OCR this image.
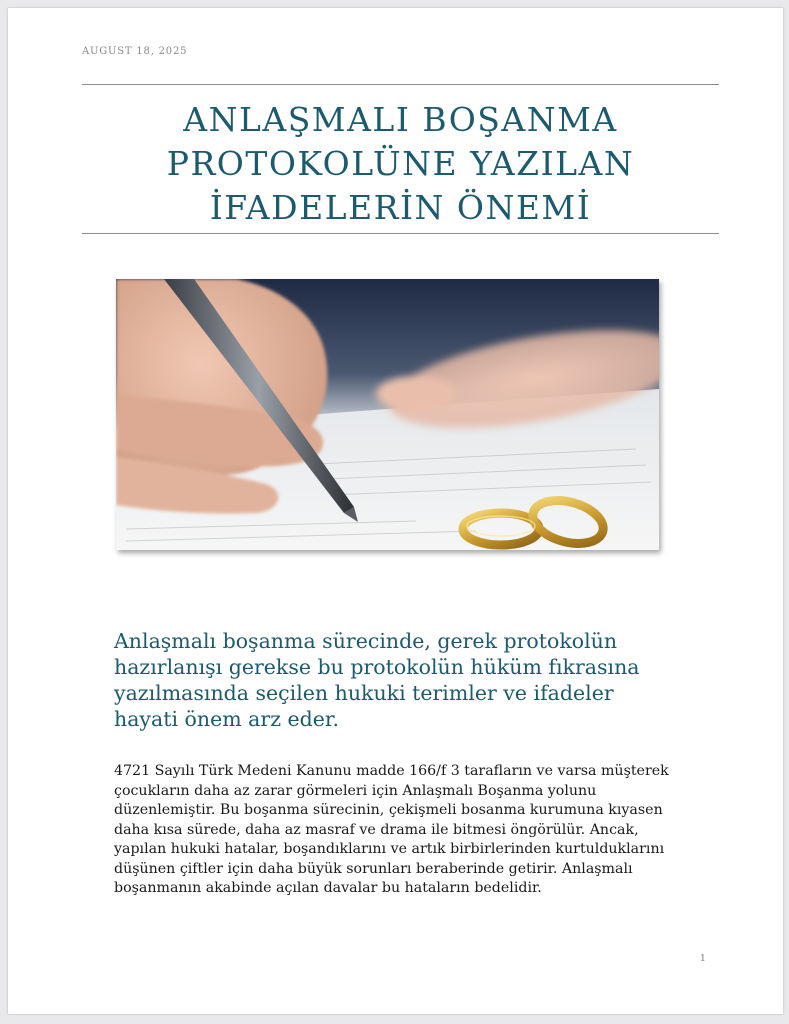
AUGUST 18, 2025
ANLAŞMALI BOŞANMA
PROTOKOLÜNE YAZILAN
İFADELERİN ÖNEMİ

Anlaşmalı boşanma sürecinde, gerek protokolün hazırlanışı gerekse bu protokolün hüküm fıkrasına yazılmasında seçilen hukuki terimler ve ifadeler hayati önem arz eder.

4721 Sayılı Türk Medeni Kanunu madde 166/f 3 tarafların ve varsa müşterek çocukların daha az zarar görmeleri için Anlaşmalı Boşanma yolunu düzenlemiştir. Bu boşanma sürecinin, çekişmeli bosanma kurumuna kıyasen daha kısa sürede, daha az masraf ve drama ile bitmesi öngörülür. Ancak, yapılan hukuki hatalar, boşandıklarını ve artık birbirlerinden kurtulduklarını düşünen çiftler için daha büyük sorunları beraberinde getirir. Anlaşmalı boşanmanın akabinde açılan davalar bu hataların bedelidir.

1
